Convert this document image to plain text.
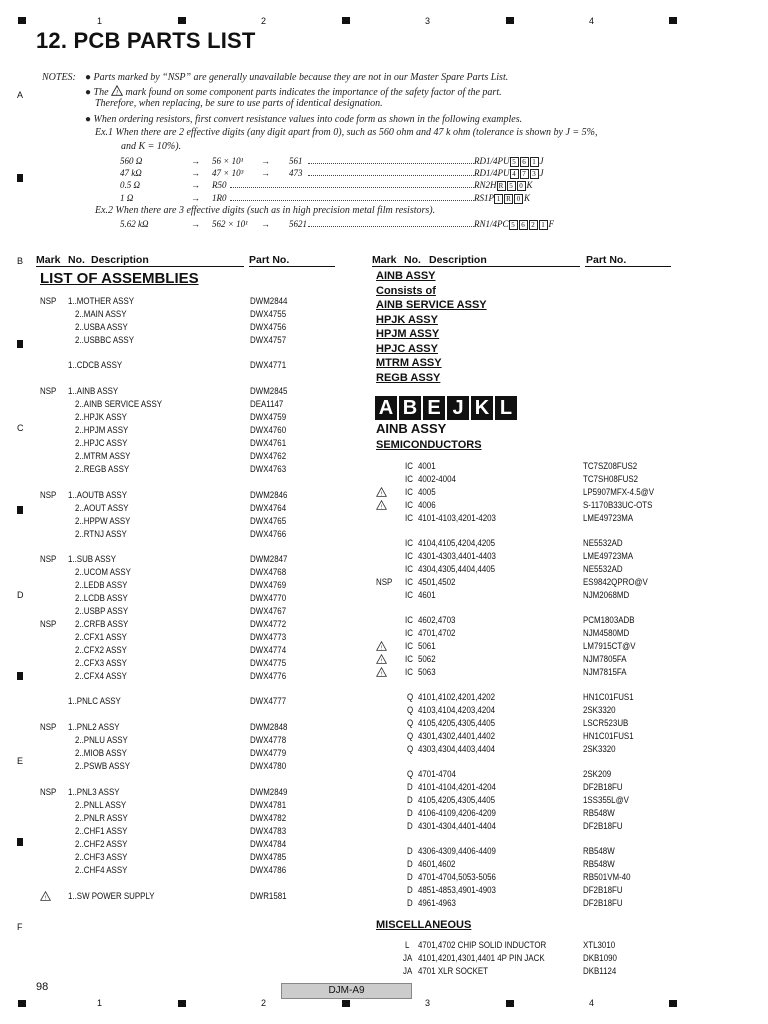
1	2	3	4
A
B
C
D
E
F
1	2	3	4
12. PCB PARTS LIST
NOTES: ● Parts marked by “NSP” are generally unavailable because they are not in our Master Spare Parts List.
● The ! mark found on some component parts indicates the importance of the safety factor of the part.
Therefore, when replacing, be sure to use parts of identical designation.
● When ordering resistors, first convert resistance values into code form as shown in the following examples.
Ex.1 When there are 2 effective digits (any digit apart from 0), such as 560 ohm and 47 k ohm (tolerance is shown by J = 5%,
and K = 10%).
560 Ω	→ 56 × 10¹ → 561	RD1/4PU 5 6 1 J
47 kΩ	→ 47 × 10³ → 473	RD1/4PU 4 7 3 J
0.5 Ω	→ R50	RN2H R 5 0 K
1 Ω	→ 1R0	RS1P 1 R 0 K
Ex.2 When there are 3 effective digits (such as in high precision metal film resistors).
5.62 kΩ	→ 562 × 10¹ → 5621	RN1/4PC 5 6 2 1 F
Mark No. Description	Part No.	Mark No. Description	Part No.
LIST OF ASSEMBLIES
NSP 1..MOTHER ASSY	DWM2844
2..MAIN ASSY	DWX4755
2..USBA ASSY	DWX4756
2..USBBC ASSY	DWX4757
1..CDCB ASSY	DWX4771
NSP 1..AINB ASSY	DWM2845
2..AINB SERVICE ASSY	DEA1147
2..HPJK ASSY	DWX4759
2..HPJM ASSY	DWX4760
2..HPJC ASSY	DWX4761
2..MTRM ASSY	DWX4762
2..REGB ASSY	DWX4763
NSP 1..AOUTB ASSY	DWM2846
2..AOUT ASSY	DWX4764
2..HPPW ASSY	DWX4765
2..RTNJ ASSY	DWX4766
NSP 1..SUB ASSY	DWM2847
2..UCOM ASSY	DWX4768
2..LEDB ASSY	DWX4769
2..LCDB ASSY	DWX4770
2..USBP ASSY	DWX4767
NSP 2..CRFB ASSY	DWX4772
2..CFX1 ASSY	DWX4773
2..CFX2 ASSY	DWX4774
2..CFX3 ASSY	DWX4775
2..CFX4 ASSY	DWX4776
1..PNLC ASSY	DWX4777
NSP 1..PNL2 ASSY	DWM2848
2..PNLU ASSY	DWX4778
2..MIOB ASSY	DWX4779
2..PSWB ASSY	DWX4780
NSP 1..PNL3 ASSY	DWM2849
2..PNLL ASSY	DWX4781
2..PNLR ASSY	DWX4782
2..CHF1 ASSY	DWX4783
2..CHF2 ASSY	DWX4784
2..CHF3 ASSY	DWX4785
2..CHF4 ASSY	DWX4786
! 1..SW POWER SUPPLY	DWR1581
AINB ASSY
Consists of
AINB SERVICE ASSY
HPJK ASSY
HPJM ASSY
HPJC ASSY
MTRM ASSY
REGB ASSY
A B E J K L
AINB ASSY
SEMICONDUCTORS
IC 4001	TC7SZ08FUS2
IC 4002-4004	TC7SH08FUS2
!	IC 4005	LP5907MFX-4.5@V
!	IC 4006	S-1170B33UC-OTS
IC 4101-4103,4201-4203	LME49723MA
IC 4104,4105,4204,4205	NE5532AD
IC 4301-4303,4401-4403	LME49723MA
IC 4304,4305,4404,4405	NE5532AD
NSP IC 4501,4502	ES9842QPRO@V
IC 4601	NJM2068MD
IC 4602,4703	PCM1803ADB
IC 4701,4702	NJM4580MD
!	IC 5061	LM7915CT@V
!	IC 5062	NJM7805FA
!	IC 5063	NJM7815FA
Q 4101,4102,4201,4202	HN1C01FUS1
Q 4103,4104,4203,4204	2SK3320
Q 4105,4205,4305,4405	LSCR523UB
Q 4301,4302,4401,4402	HN1C01FUS1
Q 4303,4304,4403,4404	2SK3320
Q 4701-4704	2SK209
D 4101-4104,4201-4204	DF2B18FU
D 4105,4205,4305,4405	1SS355L@V
D 4106-4109,4206-4209	RB548W
D 4301-4304,4401-4404	DF2B18FU
D 4306-4309,4406-4409	RB548W
D 4601,4602	RB548W
D 4701-4704,5053-5056	RB501VM-40
D 4851-4853,4901-4903	DF2B18FU
D 4961-4963	DF2B18FU
MISCELLANEOUS
L 4701,4702 CHIP SOLID INDUCTOR	XTL3010
JA 4101,4201,4301,4401 4P PIN JACK	DKB1090
JA 4701 XLR SOCKET	DKB1124
98	DJM-A9
